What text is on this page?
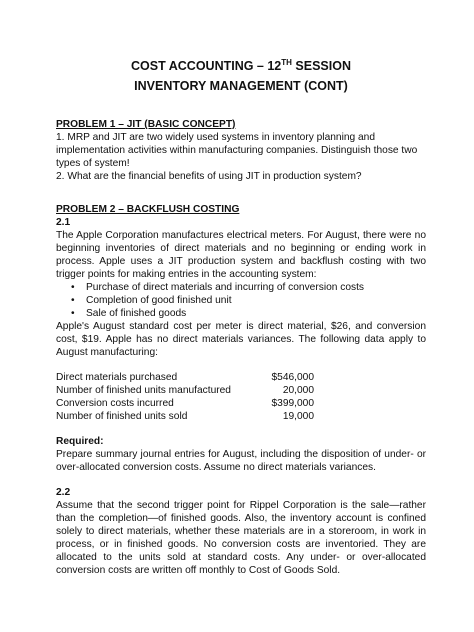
COST ACCOUNTING – 12TH SESSION
INVENTORY MANAGEMENT (CONT)
PROBLEM 1 – JIT (BASIC CONCEPT)
1. MRP and JIT are two widely used systems in inventory planning and implementation activities within manufacturing companies. Distinguish those two types of system!
2. What are the financial benefits of using JIT in production system?
PROBLEM 2 – BACKFLUSH COSTING
2.1
The Apple Corporation manufactures electrical meters. For August, there were no beginning inventories of direct materials and no beginning or ending work in process. Apple uses a JIT production system and backflush costing with two trigger points for making entries in the accounting system:
• Purchase of direct materials and incurring of conversion costs
• Completion of good finished unit
• Sale of finished goods
Apple's August standard cost per meter is direct material, $26, and conversion cost, $19. Apple has no direct materials variances. The following data apply to August manufacturing:
Direct materials purchased	$546,000
Number of finished units manufactured	20,000
Conversion costs incurred	$399,000
Number of finished units sold	19,000
Required:
Prepare summary journal entries for August, including the disposition of under- or over-allocated conversion costs. Assume no direct materials variances.
2.2
Assume that the second trigger point for Rippel Corporation is the sale—rather than the completion—of finished goods. Also, the inventory account is confined solely to direct materials, whether these materials are in a storeroom, in work in process, or in finished goods. No conversion costs are inventoried. They are allocated to the units sold at standard costs. Any under- or over-allocated conversion costs are written off monthly to Cost of Goods Sold.
